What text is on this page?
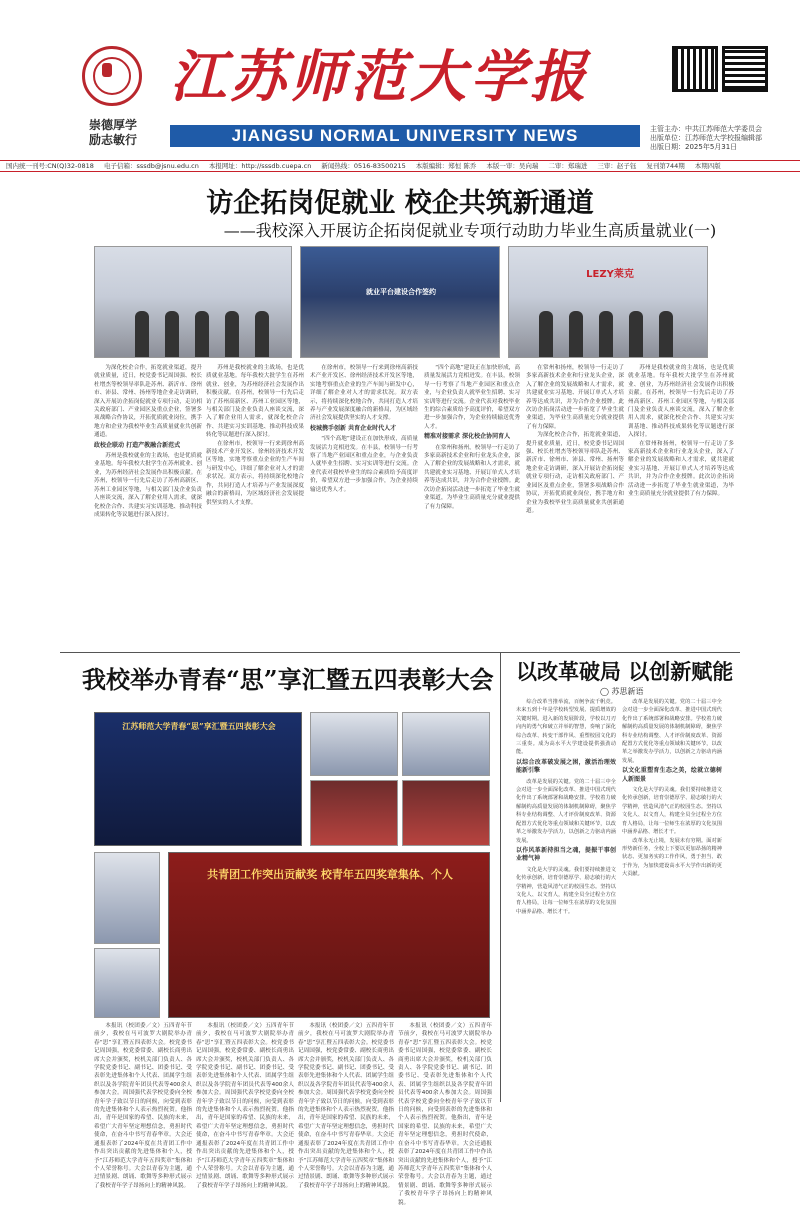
崇德厚学
励志敏行
江苏师范大学报
JIANGSU NORMAL UNIVERSITY NEWS	主管主办：中共江苏师范大学委员会
出版单位：江苏师范大学校报编辑部
出版日期：2025年5月31日
国内统一刊号:CN(Q)32-0818 电子信箱：sssdb@jsnu.edu.cn 本报网址：http://sssdb.cuepa.cn 新闻热线：0516-83500215 本版编辑：郑恒 陈乔 本版一审：吴向瑞 二审：郑瑞进 三审：赵子钰 复刊第744期 本期四版
访企拓岗促就业 校企共筑新通道
——我校深入开展访企拓岗促就业专项行动助力毕业生高质量就业(一)
就业平台建设合作签约
LEZY莱克

为深化校企合作，拓宽就业渠道，提升就业质量，近日，校党委书记周国强、校长杜增杰等校领导率队赴苏州、新沂市、徐州市、沛县、常州、扬州等地企业走访调研，深入开展访企拓岗促就业专项行动，走访相关政府部门、产业园区及重点企业，签署多项战略合作协议，开拓优质就业岗位，携手地方和企业为我校毕业生高质量就业共创新通道。

政校企联动 打造产教融合新范式

苏州是我校就业的主战场，也是优质就业基地。每年我校大批学生在苏州就业、创业，为苏州经济社会发展作出积极贡献。在苏州，校领导一行先后走访了苏州高新区、苏州工业园区等地，与相关部门及企业负责人座谈交流，深入了解企业用人需求，就深化校企合作、共建实习实训基地、推动科技成果转化等议题进行深入探讨。

苏州是我校就业的主战场，也是优质就业基地。每年我校大批学生在苏州就业、创业，为苏州经济社会发展作出积极贡献。在苏州，校领导一行先后走访了苏州高新区、苏州工业园区等地，与相关部门及企业负责人座谈交流，深入了解企业用人需求，就深化校企合作、共建实习实训基地、推动科技成果转化等议题进行深入探讨。

在徐州市，校领导一行来到徐州高新技术产业开发区、徐州经济技术开发区等地，实地考察重点企业的生产车间与研发中心，详细了解企业对人才的需求状况。双方表示，将持续深化校地合作，共同打造人才培养与产业发展深度融合的新格局，为区域经济社会发展提供坚实的人才支撑。

在徐州市，校领导一行来到徐州高新技术产业开发区、徐州经济技术开发区等地，实地考察重点企业的生产车间与研发中心，详细了解企业对人才的需求状况。双方表示，将持续深化校地合作，共同打造人才培养与产业发展深度融合的新格局，为区域经济社会发展提供坚实的人才支撑。

校城携手创新 共育企业时代人才

“四个高地”建设正在加快形成，高质量发展活力竞相迸发。在丰县，校领导一行考察了当地产业园区和重点企业，与企业负责人就毕业生招聘、实习实训等进行交流。企业代表对我校毕业生的综合素质给予高度评价，希望双方进一步加强合作，为企业持续输送优秀人才。

“四个高地”建设正在加快形成，高质量发展活力竞相迸发。在丰县，校领导一行考察了当地产业园区和重点企业，与企业负责人就毕业生招聘、实习实训等进行交流。企业代表对我校毕业生的综合素质给予高度评价，希望双方进一步加强合作，为企业持续输送优秀人才。

精准对接需求 深化校企协同育人

在常州和扬州，校领导一行走访了多家高新技术企业和行业龙头企业，深入了解企业的发展战略和人才需求，就共建就业实习基地、开展订单式人才培养等达成共识，并为合作企业授牌。此次访企拓岗活动进一步拓宽了毕业生就业渠道，为毕业生高质量充分就业提供了有力保障。

在常州和扬州，校领导一行走访了多家高新技术企业和行业龙头企业，深入了解企业的发展战略和人才需求，就共建就业实习基地、开展订单式人才培养等达成共识，并为合作企业授牌。此次访企拓岗活动进一步拓宽了毕业生就业渠道，为毕业生高质量充分就业提供了有力保障。

为深化校企合作，拓宽就业渠道，提升就业质量，近日，校党委书记周国强、校长杜增杰等校领导率队赴苏州、新沂市、徐州市、沛县、常州、扬州等地企业走访调研，深入开展访企拓岗促就业专项行动，走访相关政府部门、产业园区及重点企业，签署多项战略合作协议，开拓优质就业岗位，携手地方和企业为我校毕业生高质量就业共创新通道。

苏州是我校就业的主战场，也是优质就业基地。每年我校大批学生在苏州就业、创业，为苏州经济社会发展作出积极贡献。在苏州，校领导一行先后走访了苏州高新区、苏州工业园区等地，与相关部门及企业负责人座谈交流，深入了解企业用人需求，就深化校企合作、共建实习实训基地、推动科技成果转化等议题进行深入探讨。

在常州和扬州，校领导一行走访了多家高新技术企业和行业龙头企业，深入了解企业的发展战略和人才需求，就共建就业实习基地、开展订单式人才培养等达成共识，并为合作企业授牌。此次访企拓岗活动进一步拓宽了毕业生就业渠道，为毕业生高质量充分就业提供了有力保障。

我校举办青春“思”享汇暨五四表彰大会
江苏师范大学青春“思”享汇暨五四表彰大会
共青团工作突出贡献奖 校青年五四奖章集体、个人

本报讯（校团委／文）五四青年节前夕，我校在马可波罗大剧院举办青春“思”享汇暨五四表彰大会。校党委书记周国强，校党委常委、副校长商勇出席大会并颁奖，校机关部门负责人、各学院党委书记、副书记、团委书记、受表彰先进集体和个人代表、团属学生组织以及各学院青年团员代表等400余人参加大会。周国强代表学校党委向全校青年学子致以节日的问候，向受到表彰的先进集体和个人表示热烈祝贺。他指出，青年是国家的希望、民族的未来，希望广大青年坚定理想信念，勇担时代使命，在奋斗中书写青春华章。大会还通报表彰了2024年度在共青团工作中作出突出贡献的先进集体和个人，授予“江苏师范大学青年五四奖章”集体和个人荣誉称号。大会以青春为主题，通过情景剧、朗诵、歌舞等多种形式展示了我校青年学子昂扬向上的精神风貌。

本报讯（校团委／文）五四青年节前夕，我校在马可波罗大剧院举办青春“思”享汇暨五四表彰大会。校党委书记周国强，校党委常委、副校长商勇出席大会并颁奖，校机关部门负责人、各学院党委书记、副书记、团委书记、受表彰先进集体和个人代表、团属学生组织以及各学院青年团员代表等400余人参加大会。周国强代表学校党委向全校青年学子致以节日的问候，向受到表彰的先进集体和个人表示热烈祝贺。他指出，青年是国家的希望、民族的未来，希望广大青年坚定理想信念，勇担时代使命，在奋斗中书写青春华章。大会还通报表彰了2024年度在共青团工作中作出突出贡献的先进集体和个人，授予“江苏师范大学青年五四奖章”集体和个人荣誉称号。大会以青春为主题，通过情景剧、朗诵、歌舞等多种形式展示了我校青年学子昂扬向上的精神风貌。

本报讯（校团委／文）五四青年节前夕，我校在马可波罗大剧院举办青春“思”享汇暨五四表彰大会。校党委书记周国强，校党委常委、副校长商勇出席大会并颁奖，校机关部门负责人、各学院党委书记、副书记、团委书记、受表彰先进集体和个人代表、团属学生组织以及各学院青年团员代表等400余人参加大会。周国强代表学校党委向全校青年学子致以节日的问候，向受到表彰的先进集体和个人表示热烈祝贺。他指出，青年是国家的希望、民族的未来，希望广大青年坚定理想信念，勇担时代使命，在奋斗中书写青春华章。大会还通报表彰了2024年度在共青团工作中作出突出贡献的先进集体和个人，授予“江苏师范大学青年五四奖章”集体和个人荣誉称号。大会以青春为主题，通过情景剧、朗诵、歌舞等多种形式展示了我校青年学子昂扬向上的精神风貌。

本报讯（校团委／文）五四青年节前夕，我校在马可波罗大剧院举办青春“思”享汇暨五四表彰大会。校党委书记周国强，校党委常委、副校长商勇出席大会并颁奖，校机关部门负责人、各学院党委书记、副书记、团委书记、受表彰先进集体和个人代表、团属学生组织以及各学院青年团员代表等400余人参加大会。周国强代表学校党委向全校青年学子致以节日的问候，向受到表彰的先进集体和个人表示热烈祝贺。他指出，青年是国家的希望、民族的未来，希望广大青年坚定理想信念，勇担时代使命，在奋斗中书写青春华章。大会还通报表彰了2024年度在共青团工作中作出突出贡献的先进集体和个人，授予“江苏师范大学青年五四奖章”集体和个人荣誉称号。大会以青春为主题，通过情景剧、朗诵、歌舞等多种形式展示了我校青年学子昂扬向上的精神风貌。

以改革破局 以创新赋能
◯ 苏思新语

综合改革当推举流，百舸争流千帆竞。未来五到十年是学校转型发展、提质增效的关键时期。进入新的发展阶段，学校以刀刃向内的勇气和破立并举的智慧，奏响了深化综合改革、转变干部作风、重塑校园文化的三重奏。成为高水平大学建设提供强劲动能。

以综合改革破发展之困，激活治理效能新引擎

改革是发展的关键。党的二十届三中全会对进一步全面深化改革、推进中国式现代化作出了系统部署和战略安排。学校着力破解制约高质量发展的体制机制障碍，聚焦学科专业结构调整、人才评价制度改革、资源配置方式优化等重点领域和关键环节，以改革之举激发办学活力，以创新之力驱动内涵发展。

以作风革新持担当之魂，提振干事创业精气神

文化是大学的灵魂。我们要持续推进文化传承创新，培育崇德厚学、励志敏行的大学精神，营造风清气正的校园生态。坚持以文化人、以文育人，构建全员全过程全方位育人格局，让每一位师生在浓厚的文化氛围中涵养品格、增长才干。

改革是发展的关键。党的二十届三中全会对进一步全面深化改革、推进中国式现代化作出了系统部署和战略安排。学校着力破解制约高质量发展的体制机制障碍，聚焦学科专业结构调整、人才评价制度改革、资源配置方式优化等重点领域和关键环节，以改革之举激发办学活力，以创新之力驱动内涵发展。

以文化重塑育生态之美，绘就立德树人新图景

文化是大学的灵魂。我们要持续推进文化传承创新，培育崇德厚学、励志敏行的大学精神，营造风清气正的校园生态。坚持以文化人、以文育人，构建全员全过程全方位育人格局，让每一位师生在浓厚的文化氛围中涵养品格、增长才干。

改革永无止境，发展未有穷期。面对新形势新任务，全校上下要以更加昂扬的精神状态、更加务实的工作作风，勇于担当、敢于作为，为加快建设高水平大学作出新的更大贡献。
